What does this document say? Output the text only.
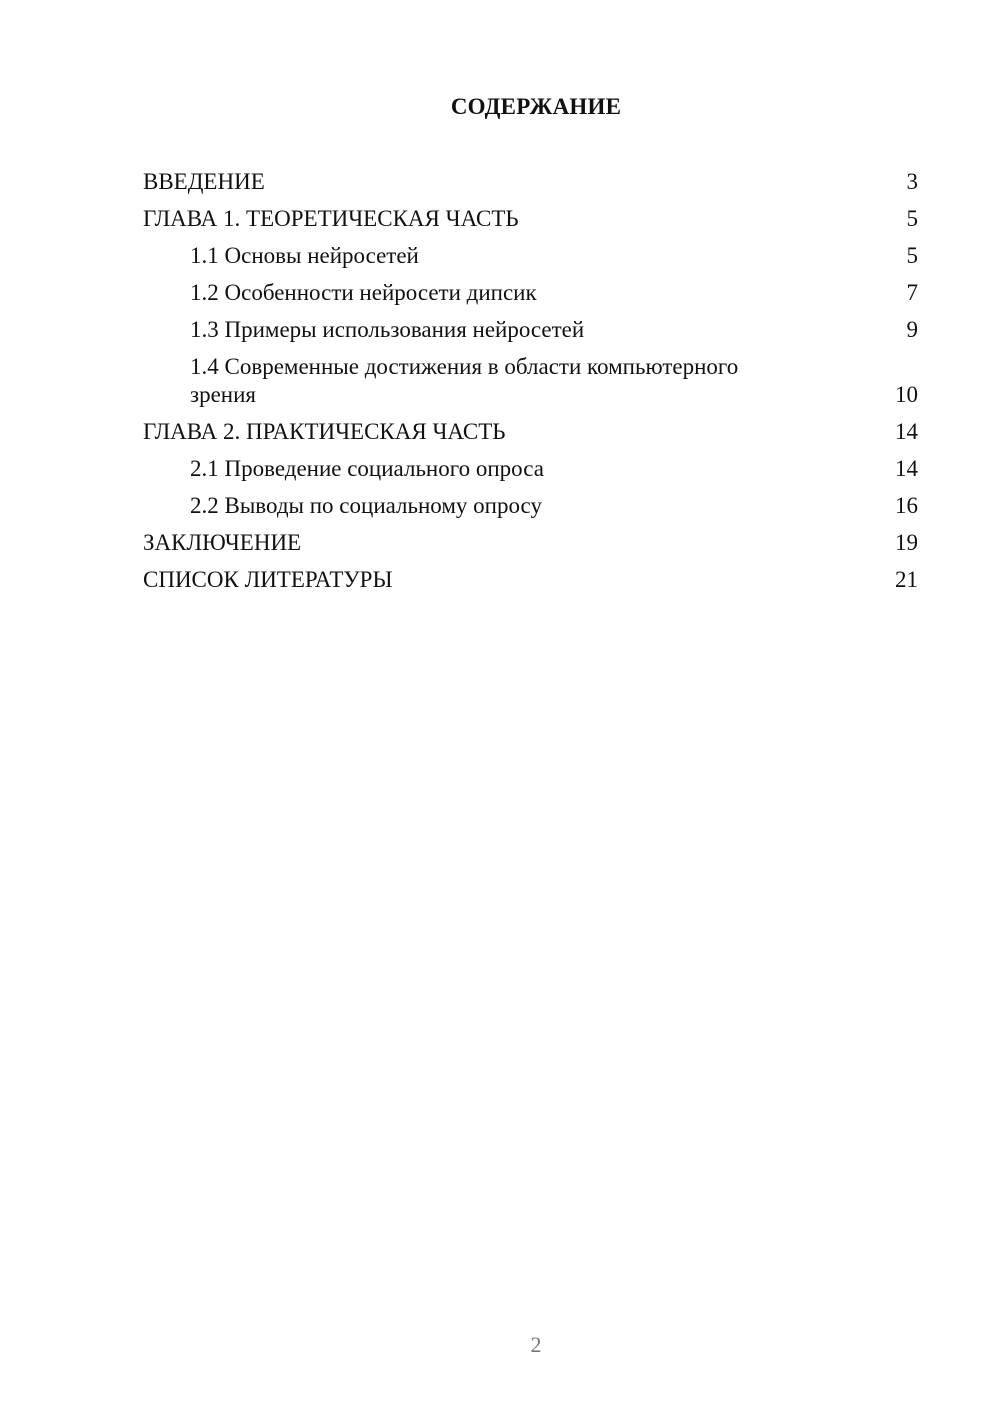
СОДЕРЖАНИЕ
ВВЕДЕНИЕ	3
ГЛАВА 1. ТЕОРЕТИЧЕСКАЯ ЧАСТЬ	5
1.1 Основы нейросетей	5
1.2 Особенности нейросети дипсик	7
1.3 Примеры использования нейросетей	9
1.4 Современные достижения в области компьютерного зрения	10
ГЛАВА 2. ПРАКТИЧЕСКАЯ ЧАСТЬ	14
2.1 Проведение социального опроса	14
2.2 Выводы по социальному опросу	16
ЗАКЛЮЧЕНИЕ	19
СПИСОК ЛИТЕРАТУРЫ	21
2
